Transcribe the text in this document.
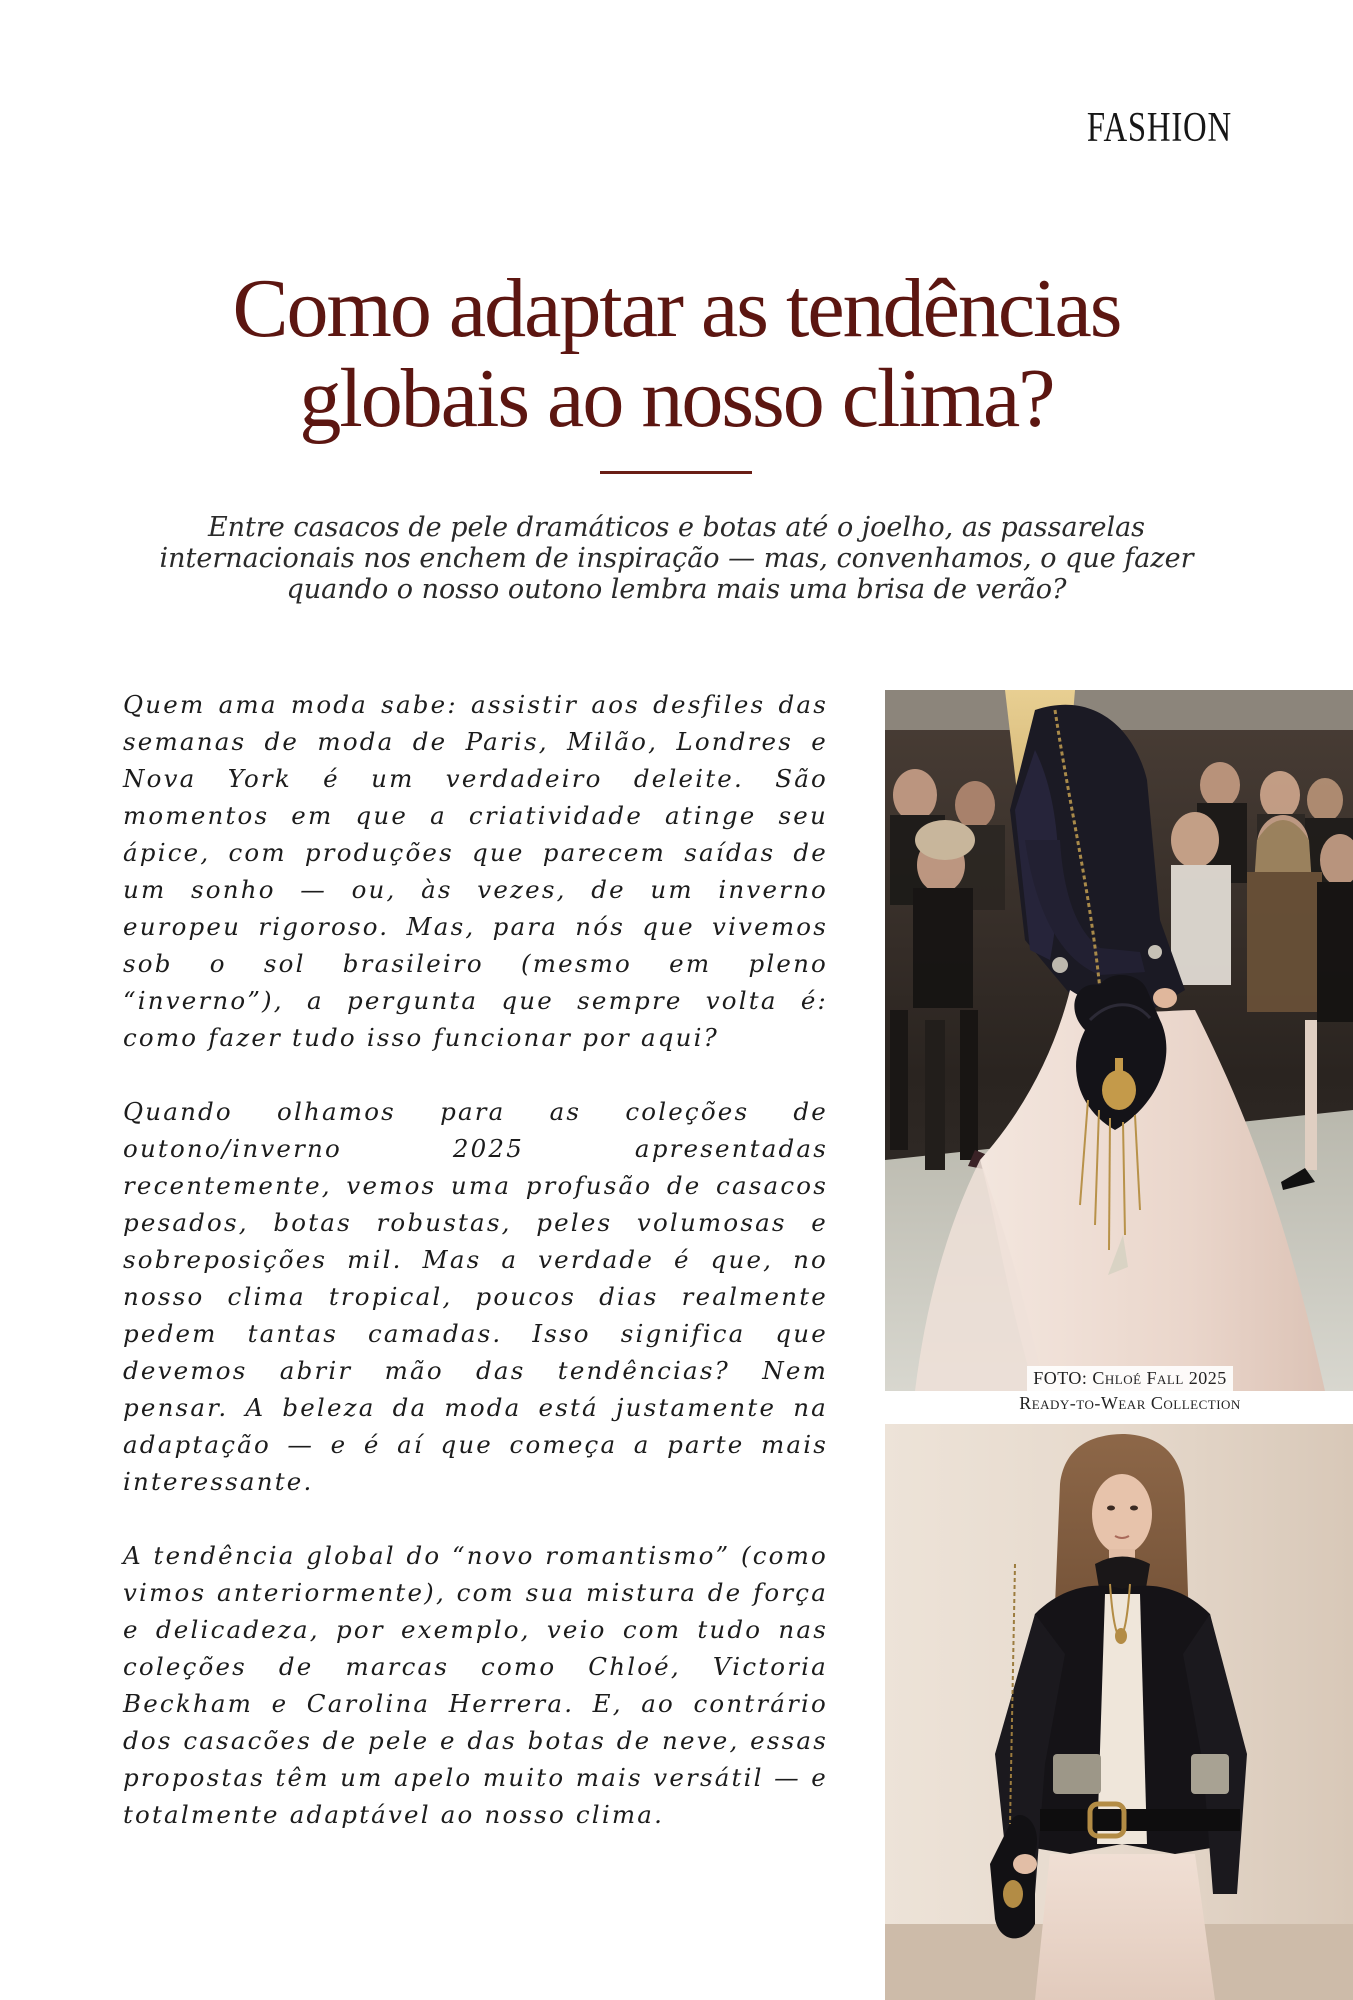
FASHION
Como adaptar as tendências
globais ao nosso clima?

Entre casacos de pele dramáticos e botas até o joelho, as passarelas internacionais nos enchem de inspiração — mas, convenhamos, o que fazer quando o nosso outono lembra mais uma brisa de verão?

Quem ama moda sabe: assistir aos desfiles das semanas de moda de Paris, Milão, Londres e Nova York é um verdadeiro deleite. São momentos em que a criatividade atinge seu ápice, com produções que parecem saídas de um sonho — ou, às vezes, de um inverno europeu rigoroso. Mas, para nós que vivemos sob o sol brasileiro (mesmo em pleno “inverno”), a pergunta que sempre volta é: como fazer tudo isso funcionar por aqui?

Quando olhamos para as coleções de outono/inverno 2025 apresentadas recentemente, vemos uma profusão de casacos pesados, botas robustas, peles volumosas e sobreposições mil. Mas a verdade é que, no nosso clima tropical, poucos dias realmente pedem tantas camadas. Isso significa que devemos abrir mão das tendências? Nem pensar. A beleza da moda está justamente na adaptação — e é aí que começa a parte mais interessante.

A tendência global do “novo romantismo” (como vimos anteriormente), com sua mistura de força e delicadeza, por exemplo, veio com tudo nas coleções de marcas como Chloé, Victoria Beckham e Carolina Herrera. E, ao contrário dos casacões de pele e das botas de neve, essas propostas têm um apelo muito mais versátil — e totalmente adaptável ao nosso clima.

FOTO: Chloé Fall 2025
Ready-to-Wear Collection
